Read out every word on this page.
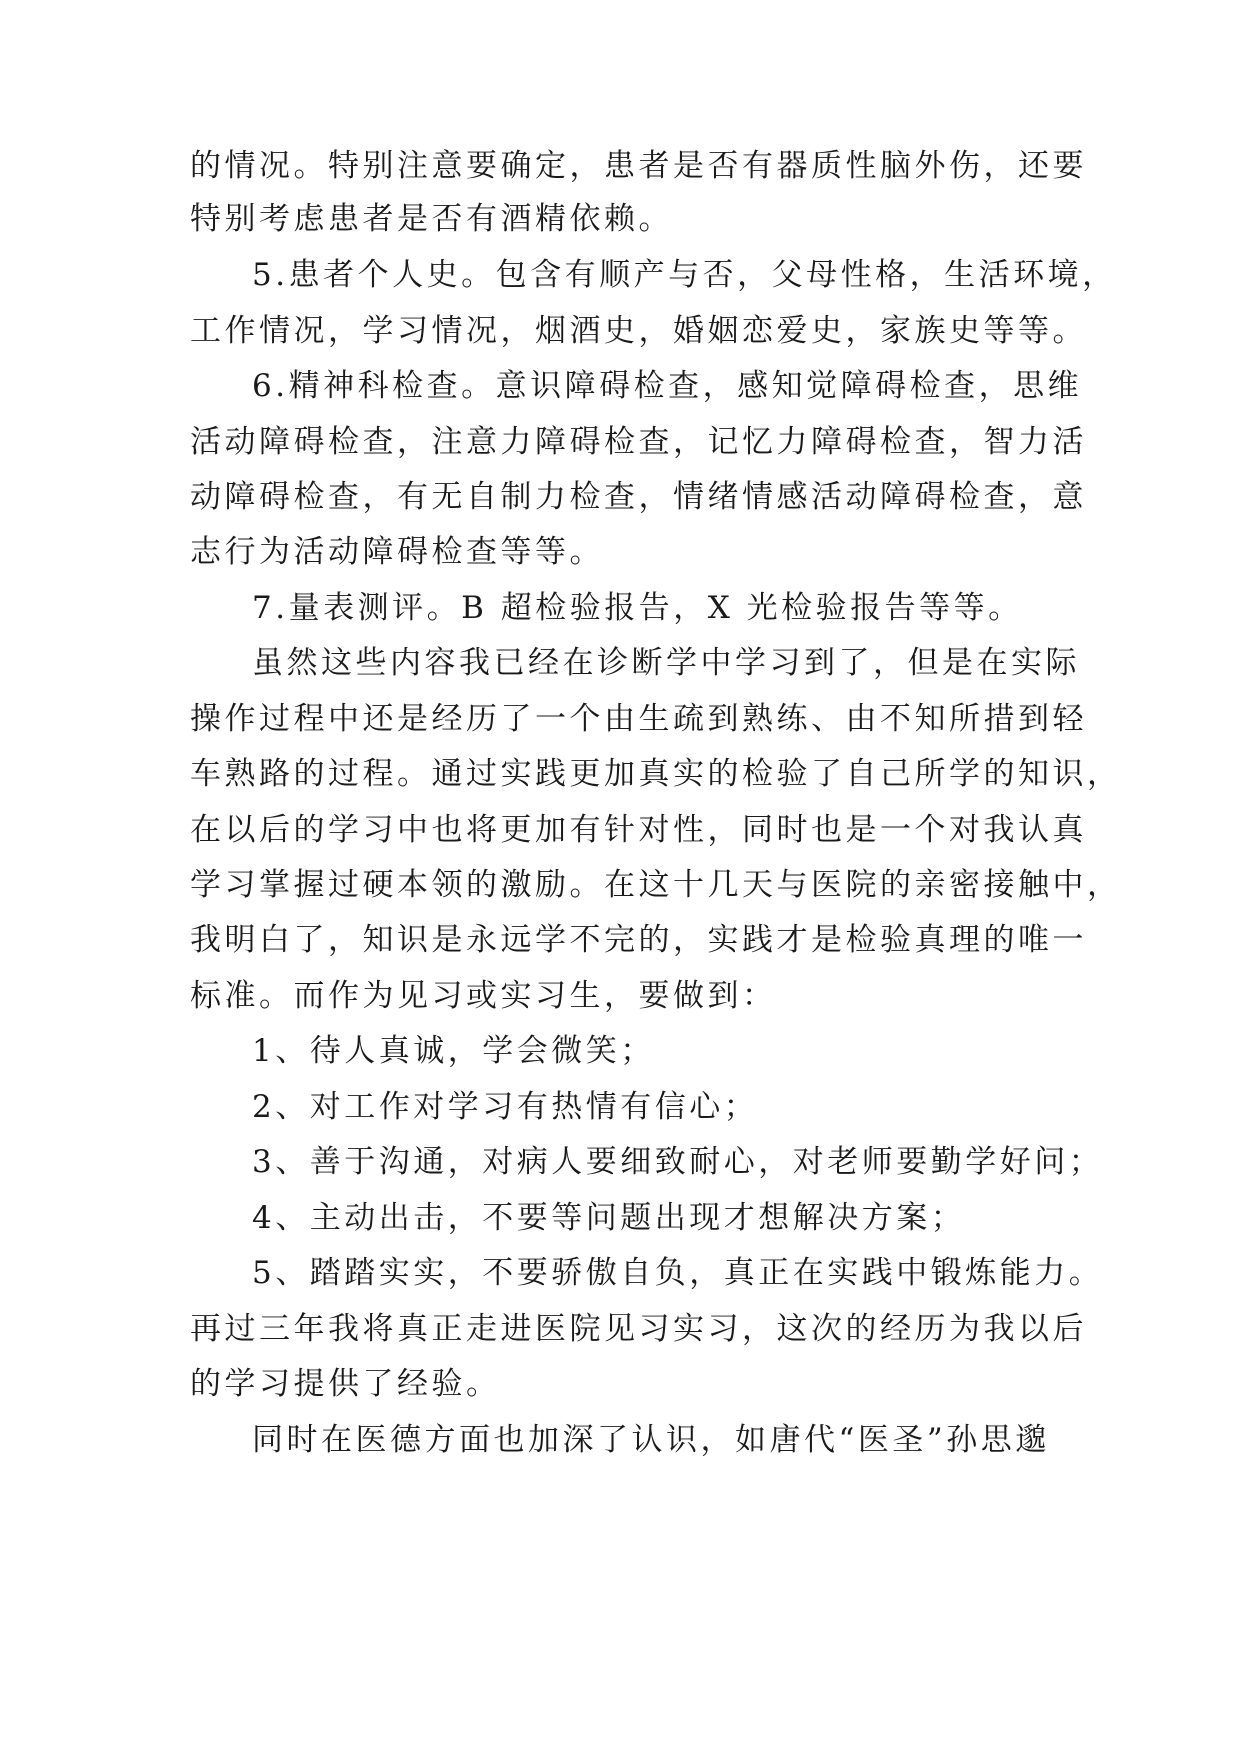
的情况。特别注意要确定，患者是否有器质性脑外伤，还要
特别考虑患者是否有酒精依赖。
5.患者个人史。包含有顺产与否，父母性格，生活环境，
工作情况，学习情况，烟酒史，婚姻恋爱史，家族史等等。
6.精神科检查。意识障碍检查，感知觉障碍检查，思维
活动障碍检查，注意力障碍检查，记忆力障碍检查，智力活
动障碍检查，有无自制力检查，情绪情感活动障碍检查，意
志行为活动障碍检查等等。
7.量表测评。B 超检验报告，X 光检验报告等等。
虽然这些内容我已经在诊断学中学习到了，但是在实际
操作过程中还是经历了一个由生疏到熟练、由不知所措到轻
车熟路的过程。通过实践更加真实的检验了自己所学的知识，
在以后的学习中也将更加有针对性，同时也是一个对我认真
学习掌握过硬本领的激励。在这十几天与医院的亲密接触中，
我明白了，知识是永远学不完的，实践才是检验真理的唯一
标准。而作为见习或实习生，要做到：
1、待人真诚，学会微笑；
2、对工作对学习有热情有信心；
3、善于沟通，对病人要细致耐心，对老师要勤学好问；
4、主动出击，不要等问题出现才想解决方案；
5、踏踏实实，不要骄傲自负，真正在实践中锻炼能力。
再过三年我将真正走进医院见习实习，这次的经历为我以后
的学习提供了经验。
同时在医德方面也加深了认识，如唐代“医圣”孙思邈
